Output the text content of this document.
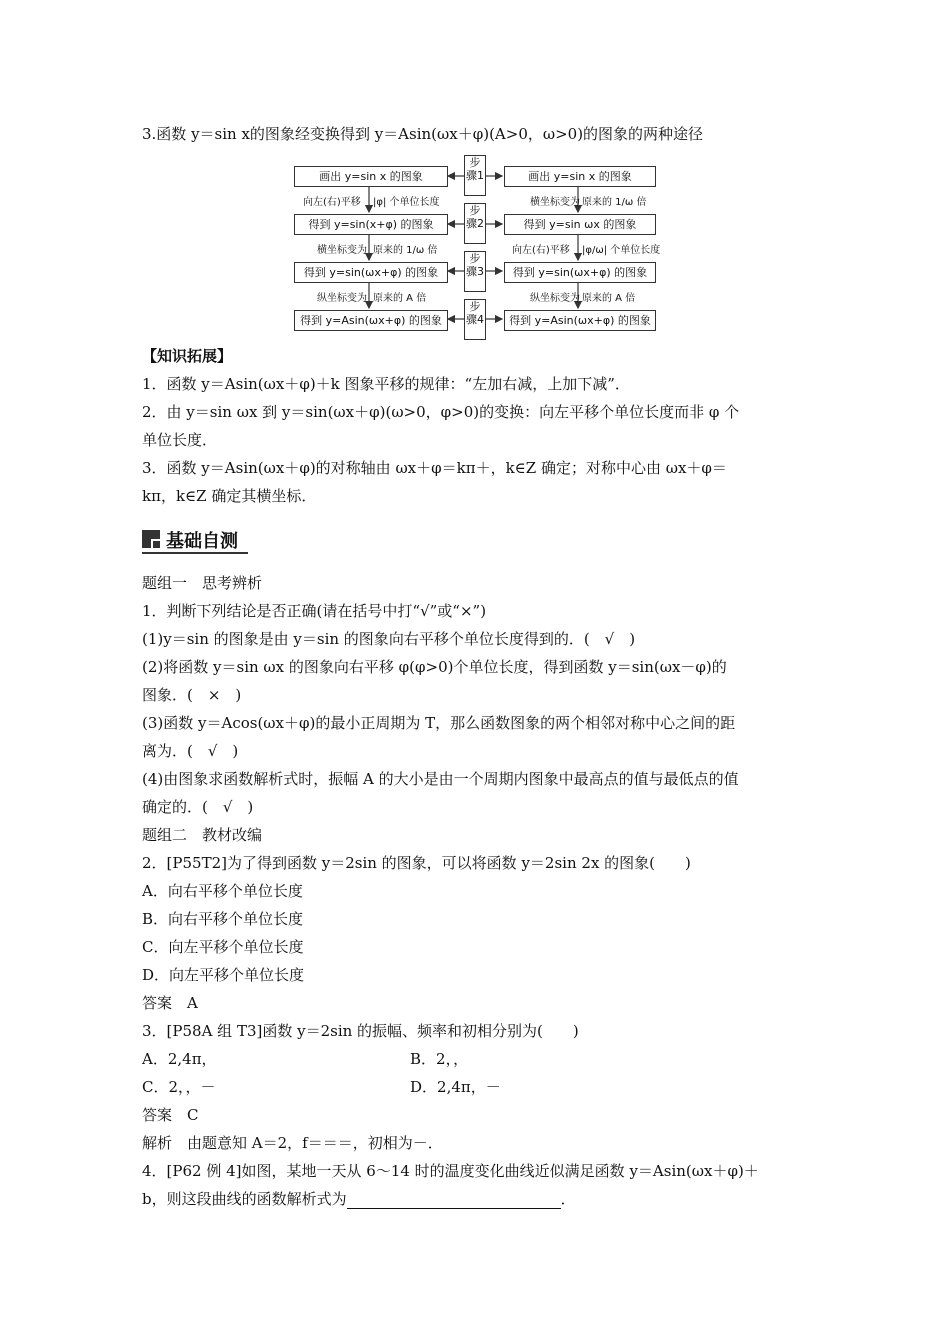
3.函数 y＝sin x的图象经变换得到 y＝Asin(ωx＋φ)(A>0，ω>0)的图象的两种途径
画出 y=sin x 的图象
得到 y=sin(x+φ) 的图象
得到 y=sin(ωx+φ) 的图象
得到 y=Asin(ωx+φ) 的图象
画出 y=sin x 的图象
得到 y=sin ωx 的图象
得到 y=sin(ωx+φ) 的图象
得到 y=Asin(ωx+φ) 的图象
步骤1
步骤2
步骤3
步骤4
向左(右)平移 |φ| 个单位长度
横坐标变为 原来的 1/ω 倍
纵坐标变为 原来的 A 倍
横坐标变为 原来的 1/ω 倍
向左(右)平移 |φ/ω| 个单位长度
纵坐标变为 原来的 A 倍
【知识拓展】
1．函数 y＝Asin(ωx＋φ)＋k 图象平移的规律：“左加右减，上加下减”．
2．由 y＝sin ωx 到 y＝sin(ωx＋φ)(ω>0，φ>0)的变换：向左平移个单位长度而非 φ 个
单位长度．
3．函数 y＝Asin(ωx＋φ)的对称轴由 ωx＋φ＝kπ＋，k∈Z 确定；对称中心由 ωx＋φ＝
kπ，k∈Z 确定其横坐标．
基础自测
题组一　思考辨析
1．判断下列结论是否正确(请在括号中打“√”或“×”)
(1)y＝sin 的图象是由 y＝sin 的图象向右平移个单位长度得到的．(　√　)
(2)将函数 y＝sin ωx 的图象向右平移 φ(φ>0)个单位长度，得到函数 y＝sin(ωx－φ)的
图象．(　×　)
(3)函数 y＝Acos(ωx＋φ)的最小正周期为 T，那么函数图象的两个相邻对称中心之间的距
离为．(　√　)
(4)由图象求函数解析式时，振幅 A 的大小是由一个周期内图象中最高点的值与最低点的值
确定的．(　√　)
题组二　教材改编
2．[P55T2]为了得到函数 y＝2sin 的图象，可以将函数 y＝2sin 2x 的图象(　　)
A．向右平移个单位长度
B．向右平移个单位长度
C．向左平移个单位长度
D．向左平移个单位长度
答案　A
3．[P58A 组 T3]函数 y＝2sin 的振幅、频率和初相分别为(　　)
A．2,4π，	B．2，，
C．2，，－	D．2,4π，－
答案　C
解析　由题意知 A＝2，f＝＝＝，初相为－．
4．[P62 例 4]如图，某地一天从 6～14 时的温度变化曲线近似满足函数 y＝Asin(ωx＋φ)＋
b，则这段曲线的函数解析式为	．
